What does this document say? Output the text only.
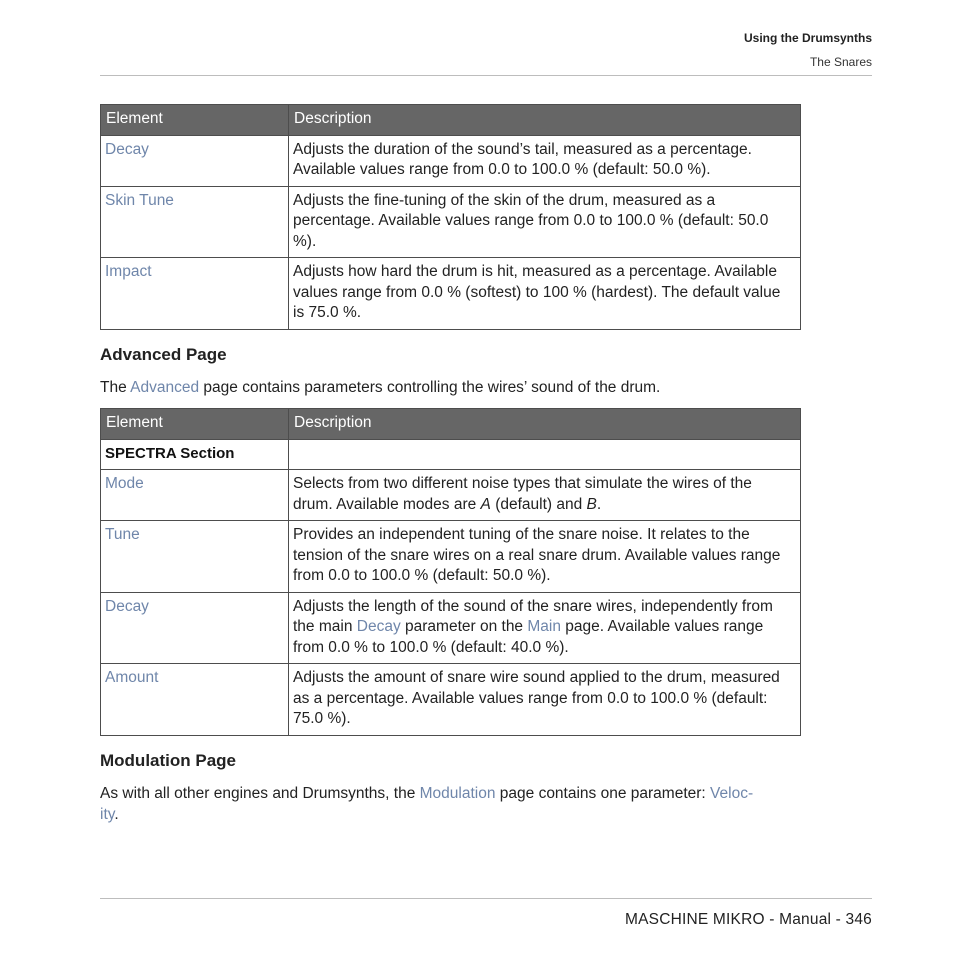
Using the Drumsynths
The Snares
Element	Description
Decay	Adjusts the duration of the sound’s tail, measured as a percentage. Available values range from 0.0 to 100.0 % (default: 50.0 %).
Skin Tune	Adjusts the fine-tuning of the skin of the drum, measured as a percentage. Available values range from 0.0 to 100.0 % (default: 50.0 %).
Impact	Adjusts how hard the drum is hit, measured as a percentage. Available values range from 0.0 % (softest) to 100 % (hardest). The default value is 75.0 %.
Advanced Page

The Advanced page contains parameters controlling the wires’ sound of the drum.

Element	Description
SPECTRA Section	
Mode	Selects from two different noise types that simulate the wires of the drum. Available modes are A (default) and B.
Tune	Provides an independent tuning of the snare noise. It relates to the tension of the snare wires on a real snare drum. Available values range from 0.0 to 100.0 % (default: 50.0 %).
Decay	Adjusts the length of the sound of the snare wires, independently from the main Decay parameter on the Main page. Available values range from 0.0 % to 100.0 % (default: 40.0 %).
Amount	Adjusts the amount of snare wire sound applied to the drum, measured as a percentage. Available values range from 0.0 to 100.0 % (default: 75.0 %).
Modulation Page

As with all other engines and Drumsynths, the Modulation page contains one parameter: Veloc-
ity.

MASCHINE MIKRO - Manual - 346
